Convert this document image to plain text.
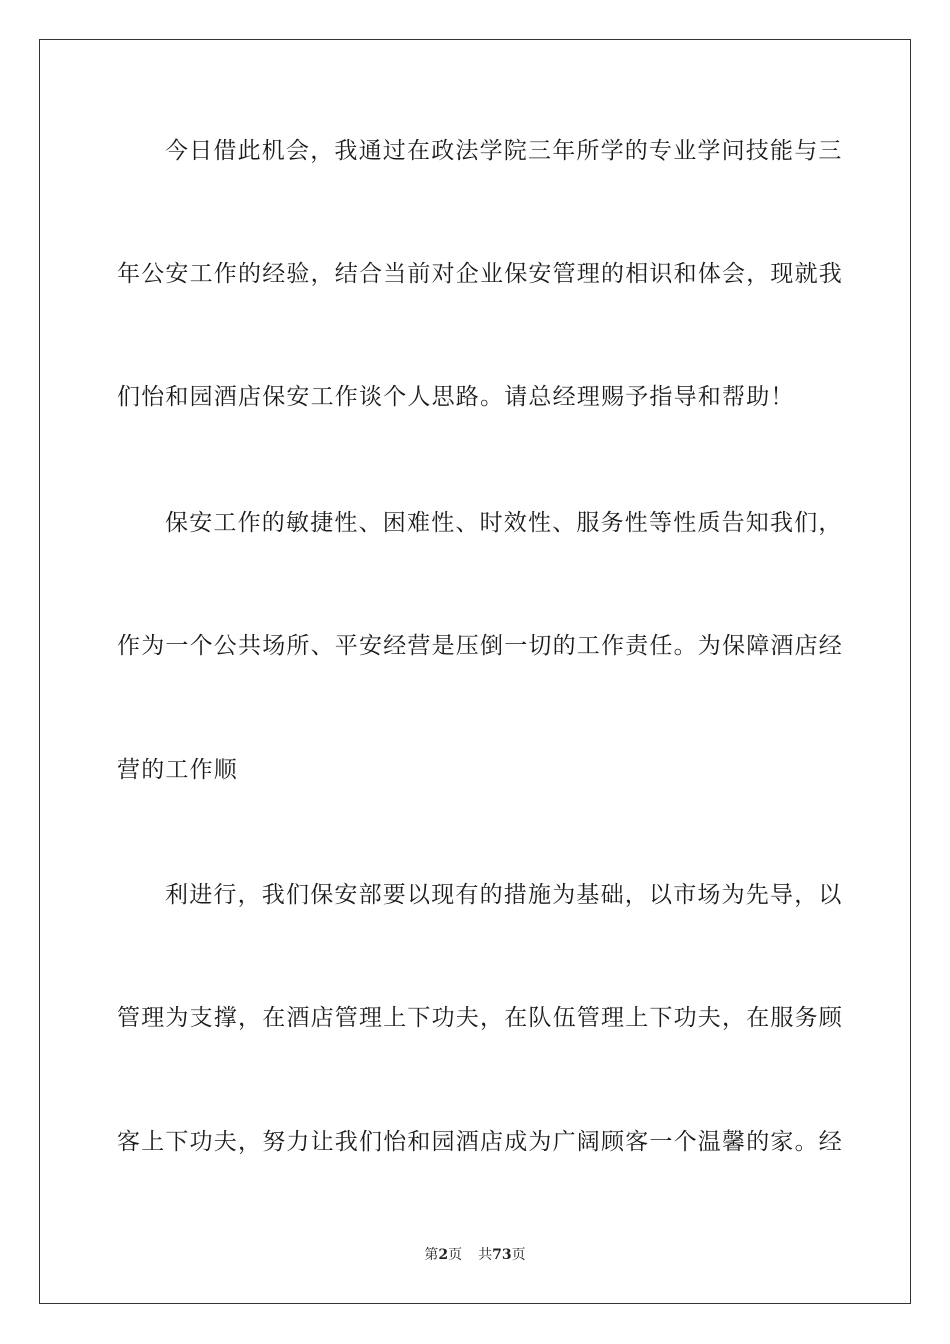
今日借此机会，我通过在政法学院三年所学的专业学问技能与三
年公安工作的经验，结合当前对企业保安管理的相识和体会，现就我
们怡和园酒店保安工作谈个人思路。请总经理赐予指导和帮助！
保安工作的敏捷性、困难性、时效性、服务性等性质告知我们，
作为一个公共场所、平安经营是压倒一切的工作责任。为保障酒店经
营的工作顺
利进行，我们保安部要以现有的措施为基础，以市场为先导，以
管理为支撑，在酒店管理上下功夫，在队伍管理上下功夫，在服务顾
客上下功夫，努力让我们怡和园酒店成为广阔顾客一个温馨的家。经
第2页 共73页
